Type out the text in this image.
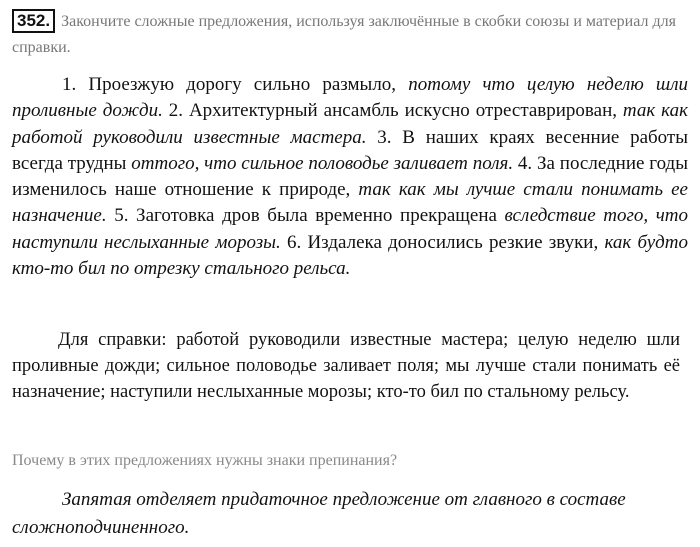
352. Закончите сложные предложения, используя заключённые в скобки союзы и материал для справки.
1. Проезжую дорогу сильно размыло, потому что целую неделю шли проливные дожди. 2. Архитектурный ансамбль искусно отреставрирован, так как работой руководили известные мастера. 3. В наших краях весенние работы всегда трудны оттого, что сильное половодье заливает поля. 4. За последние годы изменилось наше отношение к природе, так как мы лучше стали понимать ее назначение. 5. Заготовка дров была временно прекращена вследствие того, что наступили неслыханные морозы. 6. Издалека доносились резкие звуки, как будто кто-то бил по отрезку стального рельса.
Для справки: работой руководили известные мастера; целую неделю шли проливные дожди; сильное половодье заливает поля; мы лучше стали понимать её назначение; наступили неслыханные морозы; кто-то бил по стальному рельсу.
Почему в этих предложениях нужны знаки препинания?
Запятая отделяет придаточное предложение от главного в составе сложноподчиненного.
